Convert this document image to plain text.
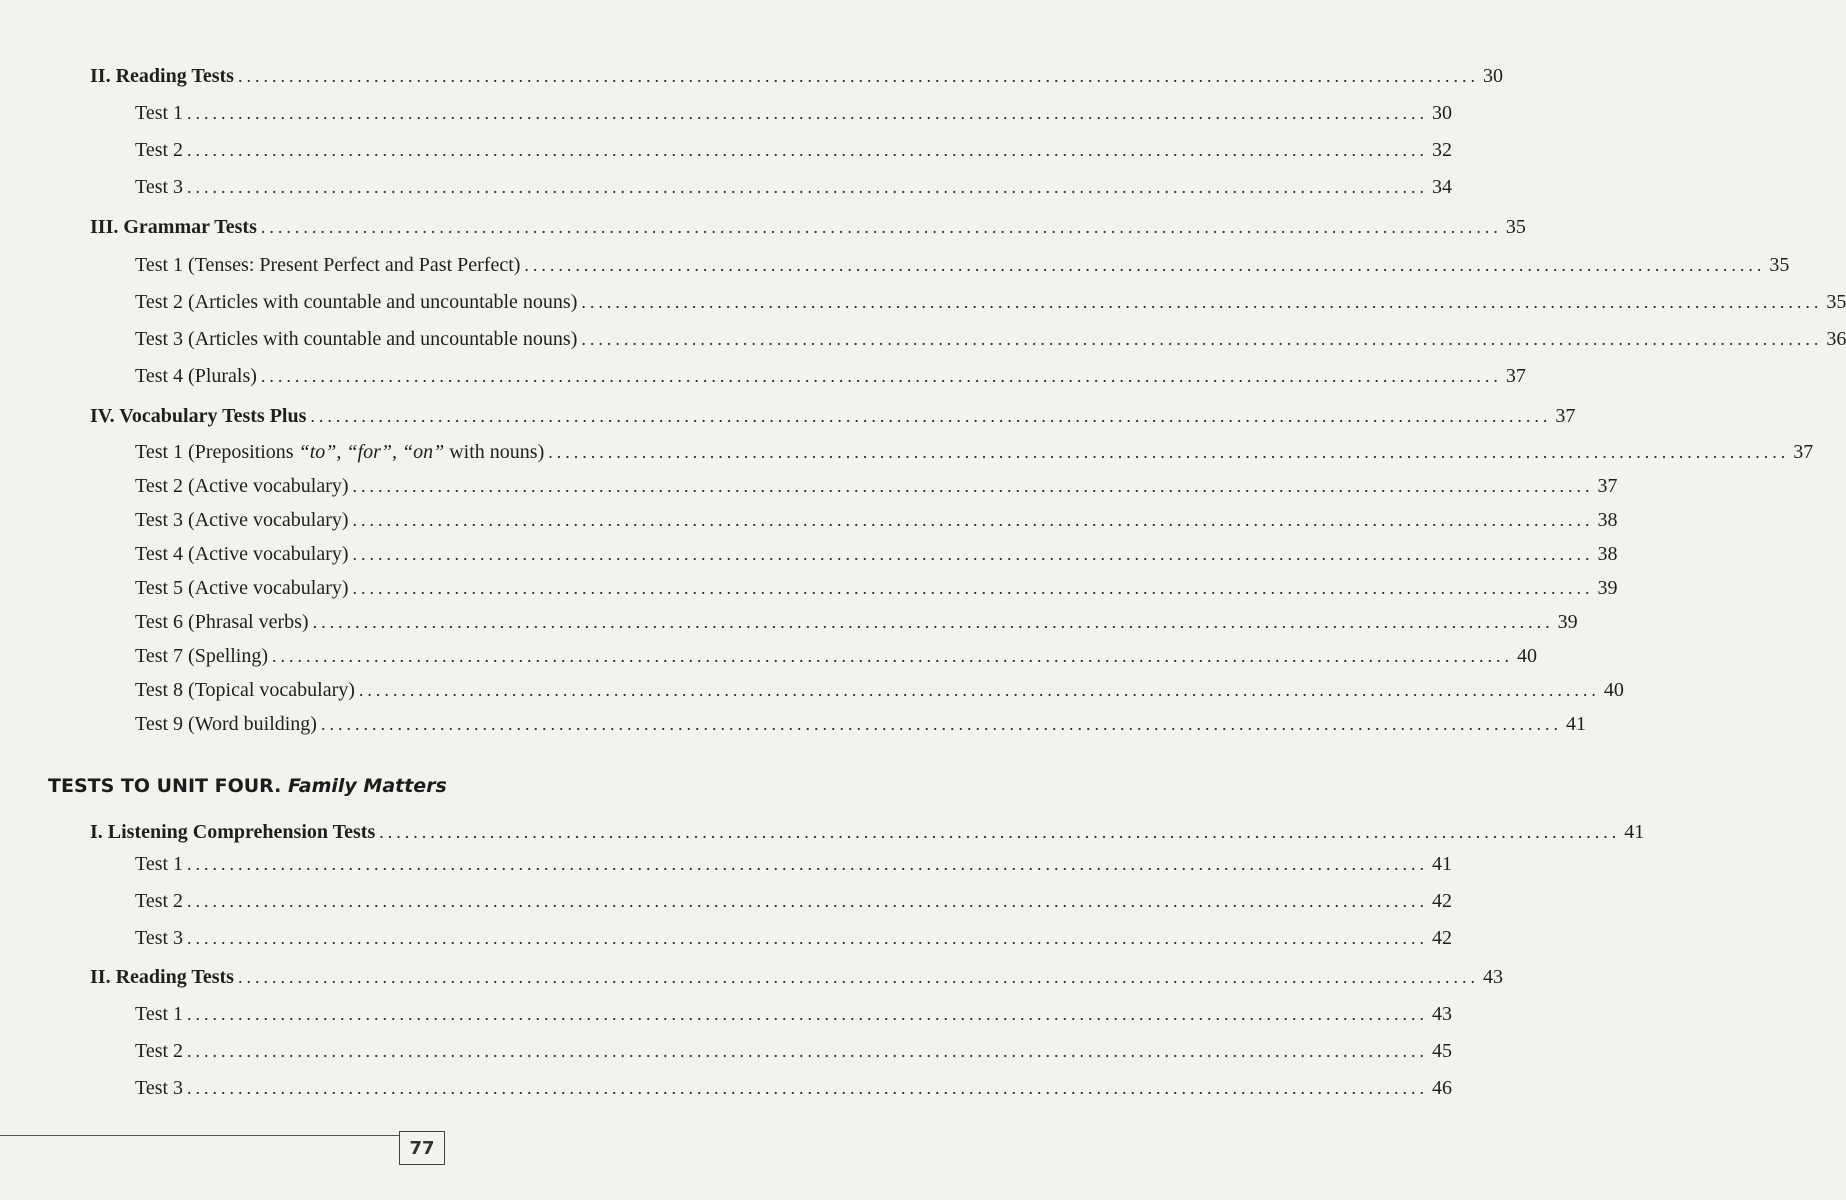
II. Reading Tests .................................................................................................................................................. 30
Test 1 .................................................................................................................................................. 30
Test 2 .................................................................................................................................................. 32
Test 3 .................................................................................................................................................. 34
III. Grammar Tests .................................................................................................................................................. 35
Test 1 (Tenses: Present Perfect and Past Perfect) .................................................................................................................................................. 35
Test 2 (Articles with countable and uncountable nouns) .................................................................................................................................................. 35
Test 3 (Articles with countable and uncountable nouns) .................................................................................................................................................. 36
Test 4 (Plurals) .................................................................................................................................................. 37
IV. Vocabulary Tests Plus .................................................................................................................................................. 37
Test 1 (Prepositions “to”, “for”, “on” with nouns) .................................................................................................................................................. 37
Test 2 (Active vocabulary) .................................................................................................................................................. 37
Test 3 (Active vocabulary) .................................................................................................................................................. 38
Test 4 (Active vocabulary) .................................................................................................................................................. 38
Test 5 (Active vocabulary) .................................................................................................................................................. 39
Test 6 (Phrasal verbs) .................................................................................................................................................. 39
Test 7 (Spelling) .................................................................................................................................................. 40
Test 8 (Topical vocabulary) .................................................................................................................................................. 40
Test 9 (Word building) .................................................................................................................................................. 41
TESTS TO UNIT FOUR. Family Matters
I. Listening Comprehension Tests .................................................................................................................................................. 41
Test 1 .................................................................................................................................................. 41
Test 2 .................................................................................................................................................. 42
Test 3 .................................................................................................................................................. 42
II. Reading Tests .................................................................................................................................................. 43
Test 1 .................................................................................................................................................. 43
Test 2 .................................................................................................................................................. 45
Test 3 .................................................................................................................................................. 46
77
